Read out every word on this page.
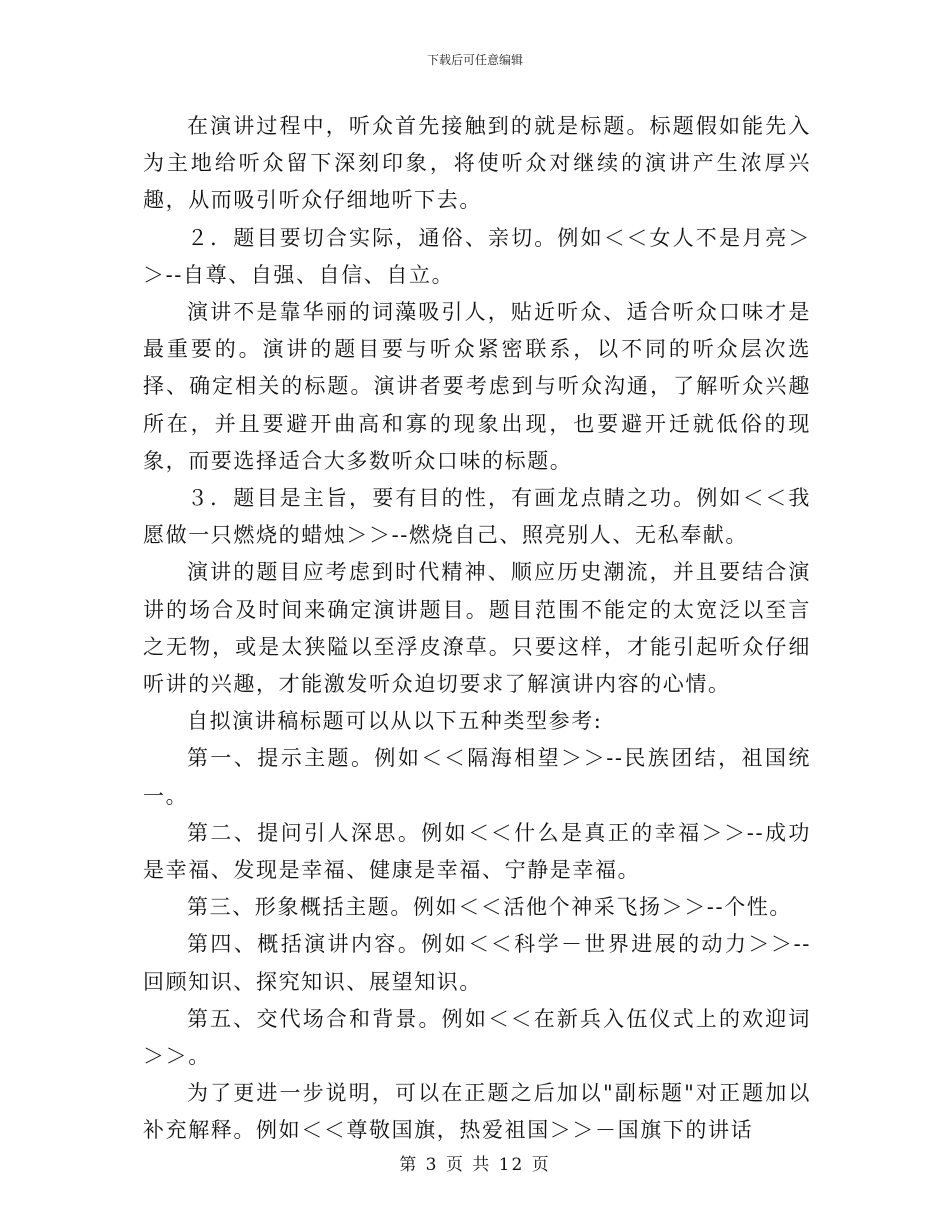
下载后可任意编辑

在演讲过程中，听众首先接触到的就是标题。标题假如能先入为主地给听众留下深刻印象，将使听众对继续的演讲产生浓厚兴趣，从而吸引听众仔细地听下去。

２．题目要切合实际，通俗、亲切。例如＜＜女人不是月亮＞＞--自尊、自强、自信、自立。

演讲不是靠华丽的词藻吸引人，贴近听众、适合听众口味才是最重要的。演讲的题目要与听众紧密联系，以不同的听众层次选择、确定相关的标题。演讲者要考虑到与听众沟通，了解听众兴趣所在，并且要避开曲高和寡的现象出现，也要避开迁就低俗的现象，而要选择适合大多数听众口味的标题。

３．题目是主旨，要有目的性，有画龙点睛之功。例如＜＜我愿做一只燃烧的蜡烛＞＞--燃烧自己、照亮别人、无私奉献。

演讲的题目应考虑到时代精神、顺应历史潮流，并且要结合演讲的场合及时间来确定演讲题目。题目范围不能定的太宽泛以至言之无物，或是太狭隘以至浮皮潦草。只要这样，才能引起听众仔细听讲的兴趣，才能激发听众迫切要求了解演讲内容的心情。

自拟演讲稿标题可以从以下五种类型参考:

第一、提示主题。例如＜＜隔海相望＞＞--民族团结，祖国统一。

第二、提问引人深思。例如＜＜什么是真正的幸福＞＞--成功是幸福、发现是幸福、健康是幸福、宁静是幸福。

第三、形象概括主题。例如＜＜活他个神采飞扬＞＞--个性。

第四、概括演讲内容。例如＜＜科学－世界进展的动力＞＞--回顾知识、探究知识、展望知识。

第五、交代场合和背景。例如＜＜在新兵入伍仪式上的欢迎词＞＞。

为了更进一步说明，可以在正题之后加以"副标题"对正题加以补充解释。例如＜＜尊敬国旗，热爱祖国＞＞－国旗下的讲话

第 3 页 共 12 页
